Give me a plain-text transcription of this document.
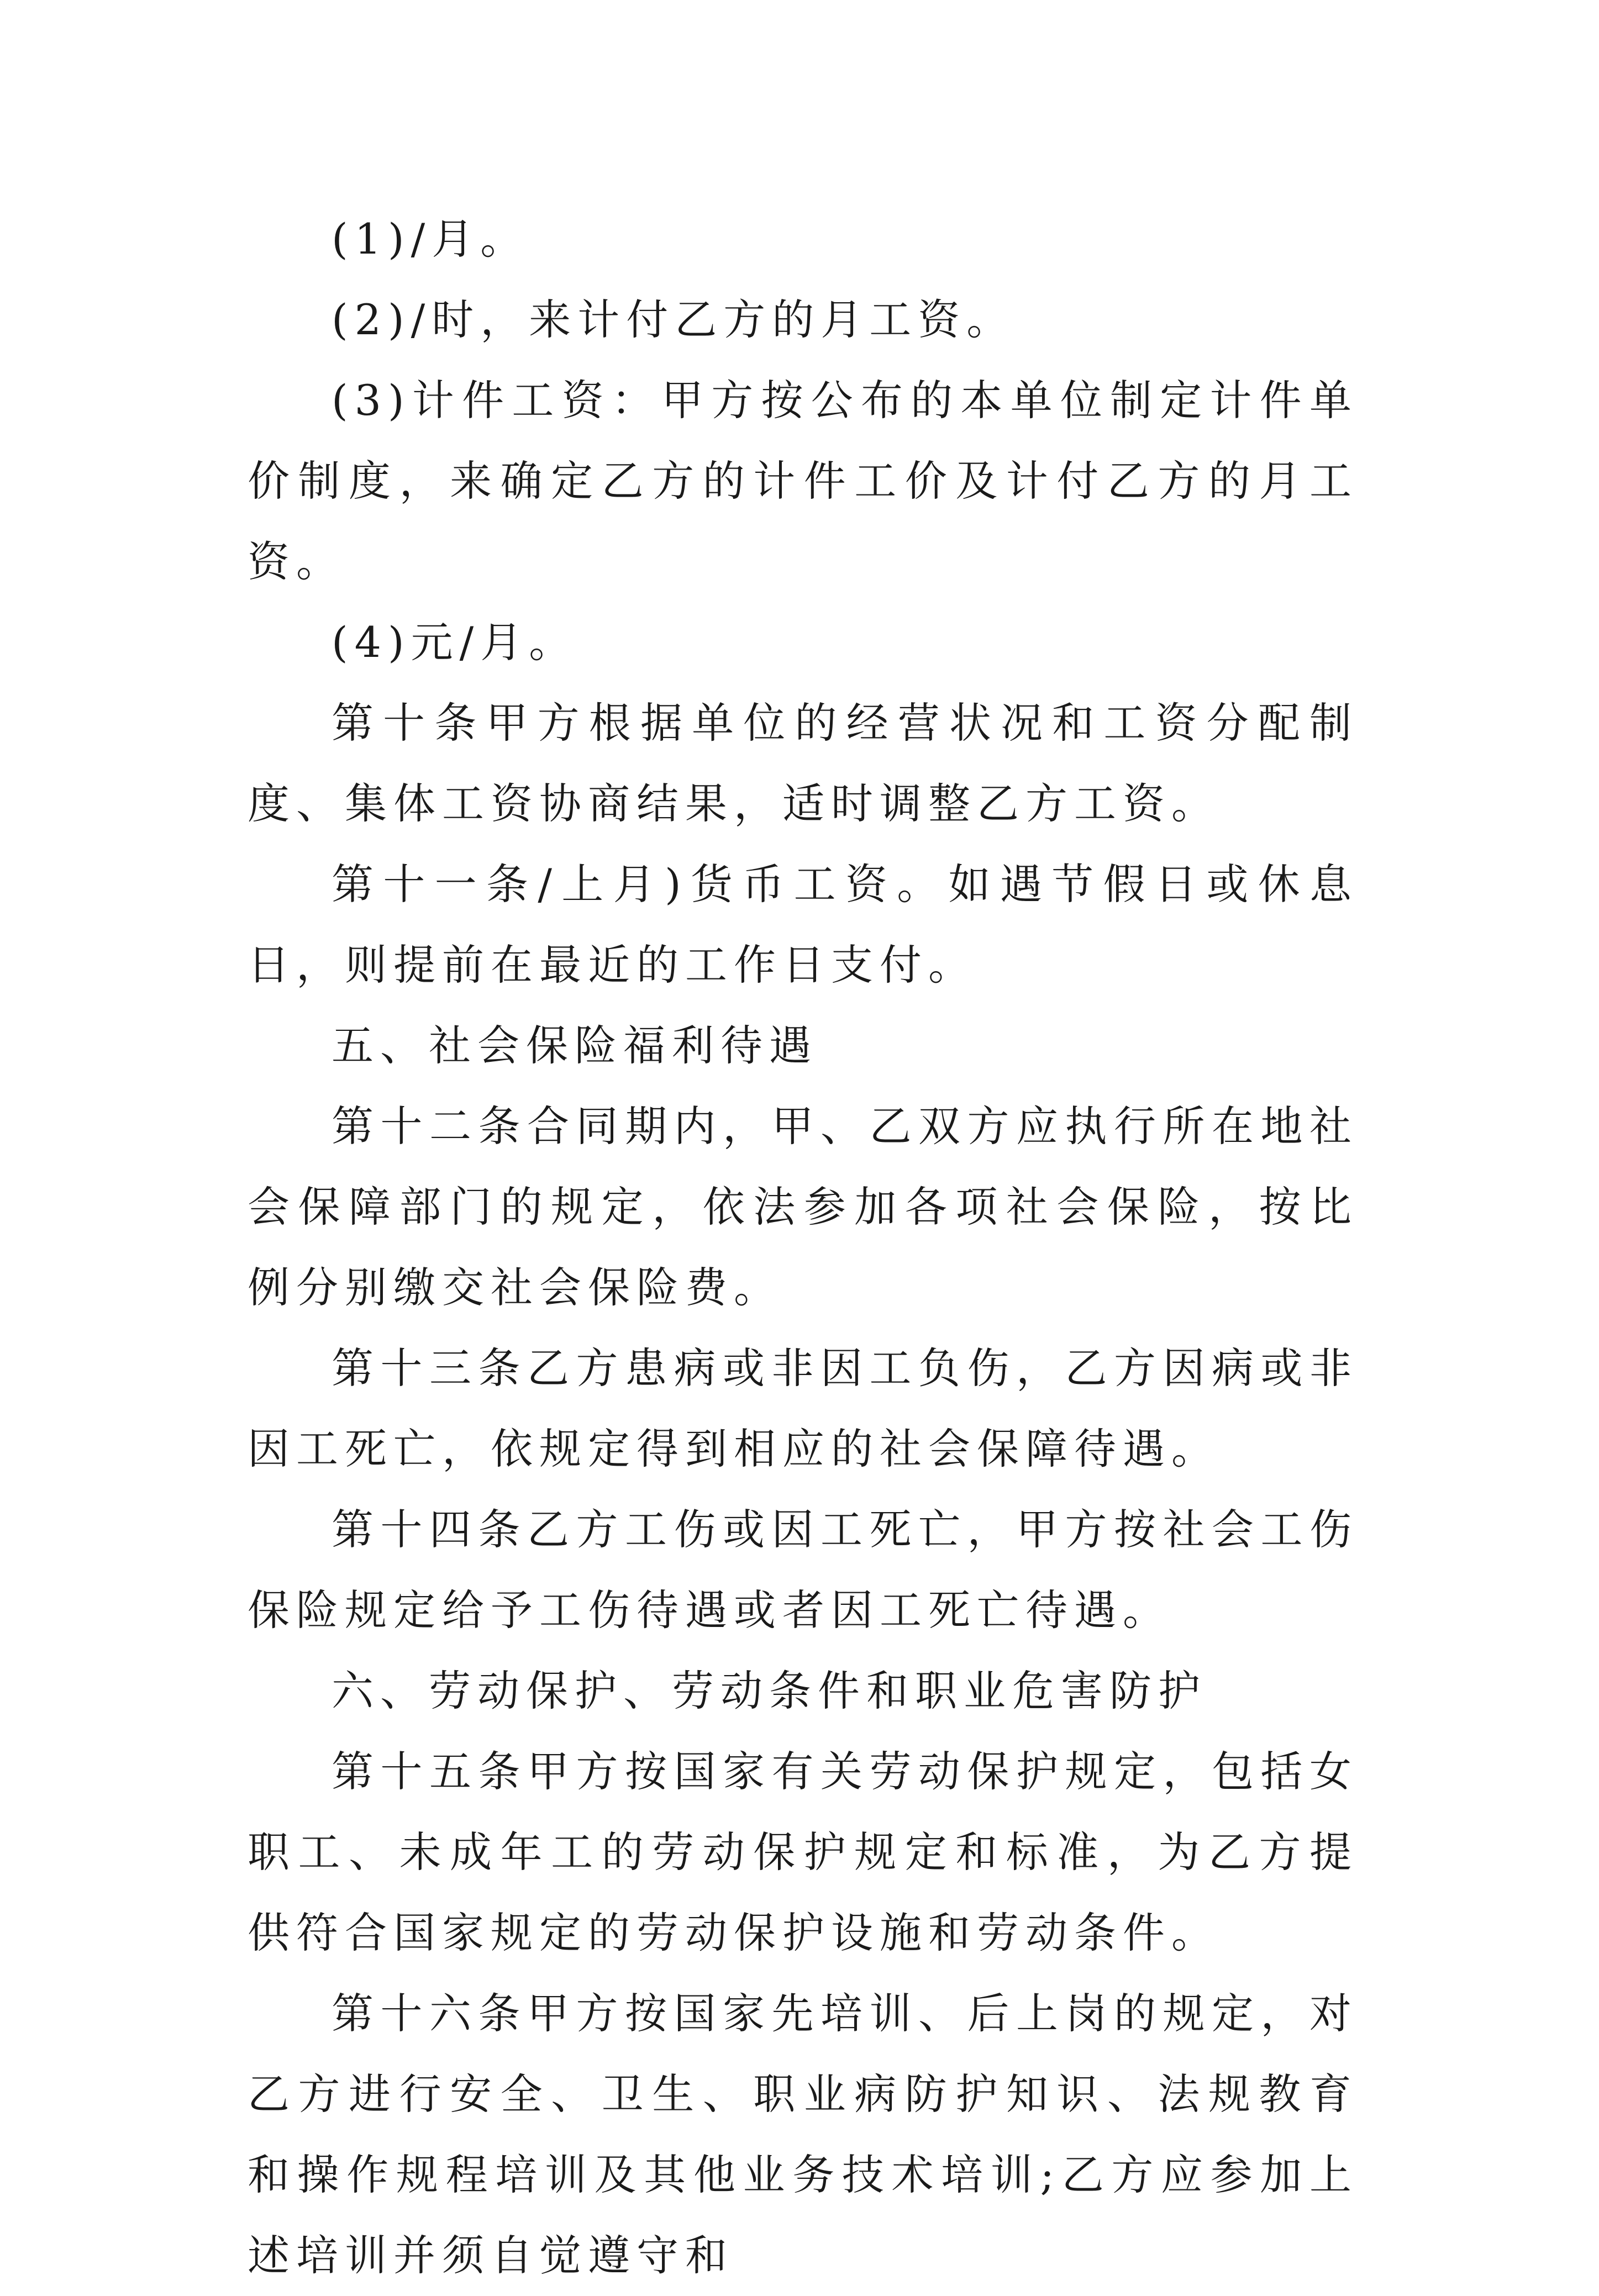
(1)/月。

(2)/时，来计付乙方的月工资。

(3)计件工资：甲方按公布的本单位制定计件单价制度，来确定乙方的计件工价及计付乙方的月工资。

(4)元/月。

第十条甲方根据单位的经营状况和工资分配制度、集体工资协商结果，适时调整乙方工资。

第十一条/上月)货币工资。如遇节假日或休息日，则提前在最近的工作日支付。

五、社会保险福利待遇

第十二条合同期内，甲、乙双方应执行所在地社会保障部门的规定，依法参加各项社会保险，按比例分别缴交社会保险费。

第十三条乙方患病或非因工负伤，乙方因病或非因工死亡，依规定得到相应的社会保障待遇。

第十四条乙方工伤或因工死亡，甲方按社会工伤保险规定给予工伤待遇或者因工死亡待遇。

六、劳动保护、劳动条件和职业危害防护

第十五条甲方按国家有关劳动保护规定，包括女职工、未成年工的劳动保护规定和标准，为乙方提供符合国家规定的劳动保护设施和劳动条件。

第十六条甲方按国家先培训、后上岗的规定，对乙方进行安全、卫生、职业病防护知识、法规教育和操作规程培训及其他业务技术培训;乙方应参加上述培训并须自觉遵守和
